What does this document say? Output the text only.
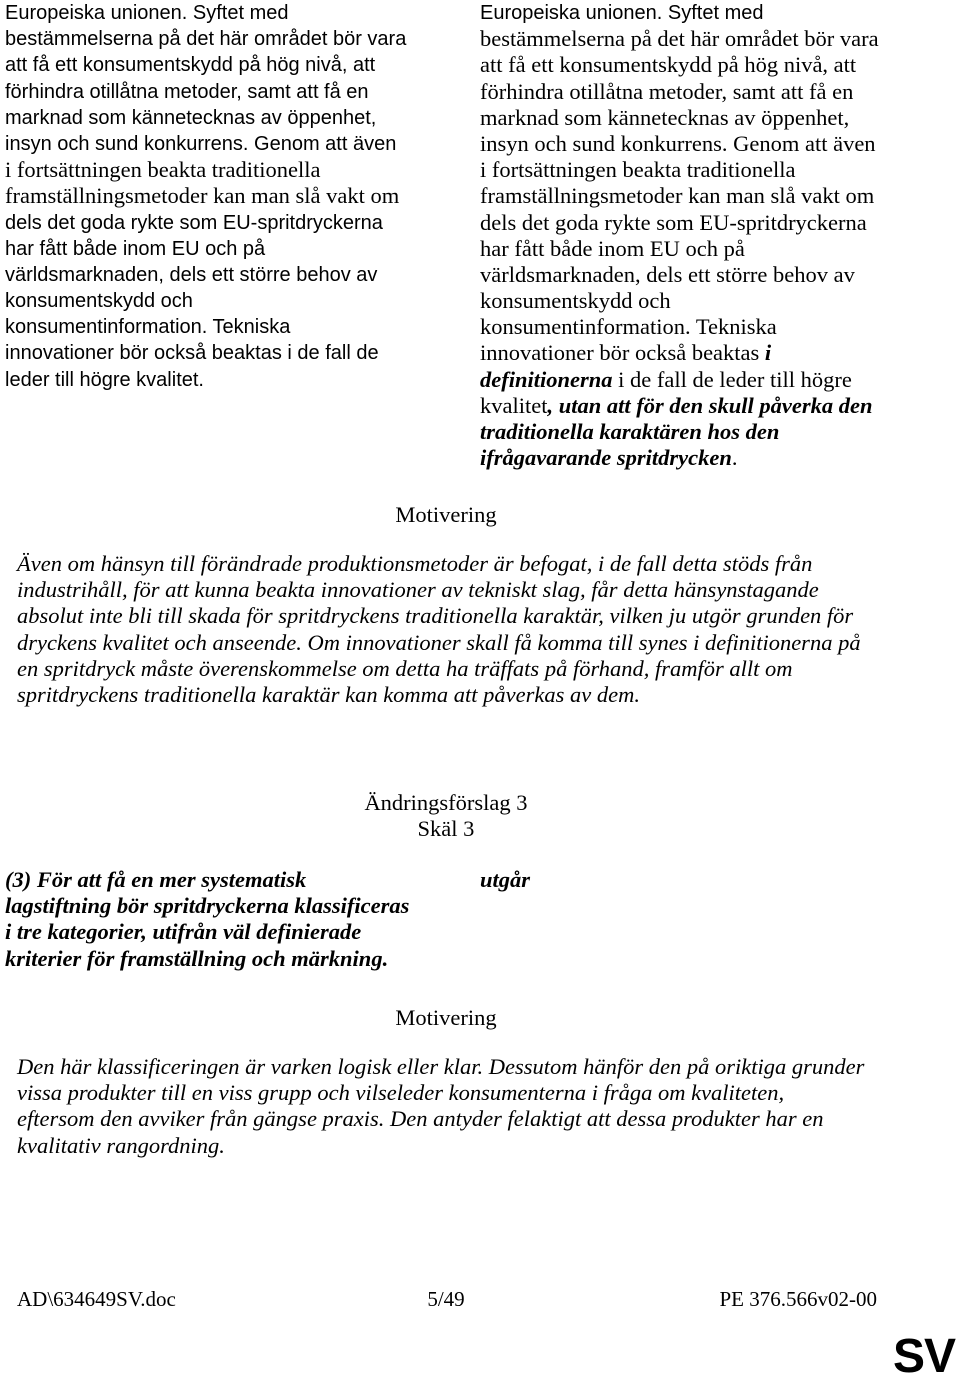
Europeiska unionen. Syftet med
bestämmelserna på det här området bör vara
att få ett konsumentskydd på hög nivå, att
förhindra otillåtna metoder, samt att få en
marknad som kännetecknas av öppenhet,
insyn och sund konkurrens. Genom att även
i fortsättningen beakta traditionella
framställningsmetoder kan man slå vakt om
dels det goda rykte som EU-spritdryckerna
har fått både inom EU och på
världsmarknaden, dels ett större behov av
konsumentskydd och
konsumentinformation. Tekniska
innovationer bör också beaktas i de fall de
leder till högre kvalitet.
Europeiska unionen. Syftet med
bestämmelserna på det här området bör vara
att få ett konsumentskydd på hög nivå, att
förhindra otillåtna metoder, samt att få en
marknad som kännetecknas av öppenhet,
insyn och sund konkurrens. Genom att även
i fortsättningen beakta traditionella
framställningsmetoder kan man slå vakt om
dels det goda rykte som EU-spritdryckerna
har fått både inom EU och på
världsmarknaden, dels ett större behov av
konsumentskydd och
konsumentinformation. Tekniska
innovationer bör också beaktas i
definitionerna i de fall de leder till högre
kvalitet, utan att för den skull påverka den
traditionella karaktären hos den
ifrågavarande spritdrycken.
Motivering
Även om hänsyn till förändrade produktionsmetoder är befogat, i de fall detta stöds från
industrihåll, för att kunna beakta innovationer av tekniskt slag, får detta hänsynstagande
absolut inte bli till skada för spritdryckens traditionella karaktär, vilken ju utgör grunden för
dryckens kvalitet och anseende. Om innovationer skall få komma till synes i definitionerna på
en spritdryck måste överenskommelse om detta ha träffats på förhand, framför allt om
spritdryckens traditionella karaktär kan komma att påverkas av dem.
Ändringsförslag 3
Skäl 3
(3) För att få en mer systematisk
lagstiftning bör spritdryckerna klassificeras
i tre kategorier, utifrån väl definierade
kriterier för framställning och märkning.
utgår
Motivering
Den här klassificeringen är varken logisk eller klar. Dessutom hänför den på oriktiga grunder
vissa produkter till en viss grupp och vilseleder konsumenterna i fråga om kvaliteten,
eftersom den avviker från gängse praxis. Den antyder felaktigt att dessa produkter har en
kvalitativ rangordning.
AD\634649SV.doc	5/49	PE 376.566v02-00
SV
